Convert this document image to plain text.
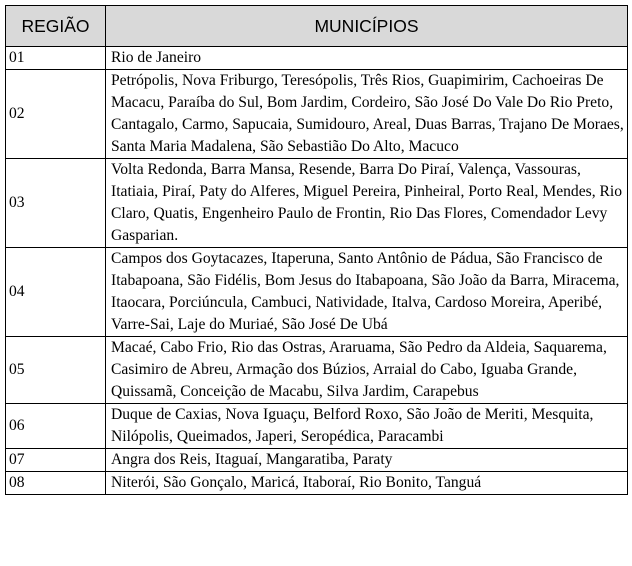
REGIÃO	MUNICÍPIOS
01	Rio de Janeiro
02	Petrópolis, Nova Friburgo, Teresópolis, Três Rios, Guapimirim, Cachoeiras De Macacu, Paraíba do Sul, Bom Jardim, Cordeiro, São José Do Vale Do Rio Preto, Cantagalo, Carmo, Sapucaia, Sumidouro, Areal, Duas Barras, Trajano De Moraes, Santa Maria Madalena, São Sebastião Do Alto, Macuco
03	Volta Redonda, Barra Mansa, Resende, Barra Do Piraí, Valença, Vassouras, Itatiaia, Piraí, Paty do Alferes, Miguel Pereira, Pinheiral, Porto Real, Mendes, Rio Claro, Quatis, Engenheiro Paulo de Frontin, Rio Das Flores, Comendador Levy Gasparian.
04	Campos dos Goytacazes, Itaperuna, Santo Antônio de Pádua, São Francisco de Itabapoana, São Fidélis, Bom Jesus do Itabapoana, São João da Barra, Miracema, Itaocara, Porciúncula, Cambuci, Natividade, Italva, Cardoso Moreira, Aperibé, Varre-Sai, Laje do Muriaé, São José De Ubá
05	Macaé, Cabo Frio, Rio das Ostras, Araruama, São Pedro da Aldeia, Saquarema, Casimiro de Abreu, Armação dos Búzios, Arraial do Cabo, Iguaba Grande, Quissamã, Conceição de Macabu, Silva Jardim, Carapebus
06	Duque de Caxias, Nova Iguaçu, Belford Roxo, São João de Meriti, Mesquita, Nilópolis, Queimados, Japeri, Seropédica, Paracambi
07	Angra dos Reis, Itaguaí, Mangaratiba, Paraty
08	Niterói, São Gonçalo, Maricá, Itaboraí, Rio Bonito, Tanguá
